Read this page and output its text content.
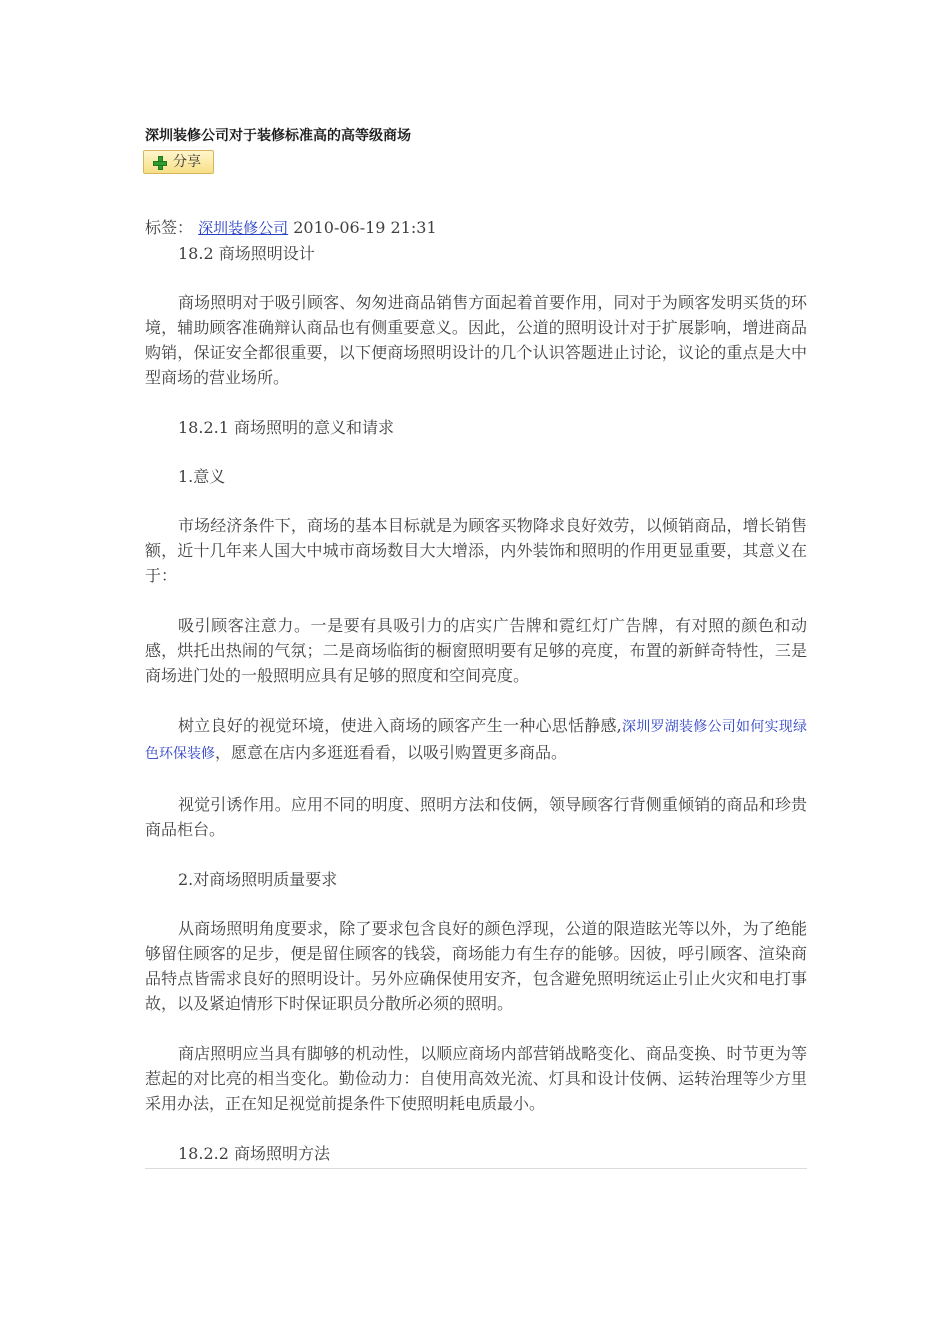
深圳装修公司对于装修标准高的高等级商场
分享
标签： 深圳装修公司 2010-06-19 21:31

18.2 商场照明设计

商场照明对于吸引顾客、匆匆进商品销售方面起着首要作用，同对于为顾客发明买货的环境，辅助顾客准确辩认商品也有侧重要意义。因此，公道的照明设计对于扩展影响，增进商品购销，保证安全都很重要，以下便商场照明设计的几个认识答题进止讨论，议论的重点是大中型商场的营业场所。

18.2.1 商场照明的意义和请求

1.意义

市场经济条件下，商场的基本目标就是为顾客买物降求良好效劳，以倾销商品，增长销售额，近十几年来人国大中城市商场数目大大增添，内外装饰和照明的作用更显重要，其意义在于：

吸引顾客注意力。一是要有具吸引力的店实广告牌和霓红灯广告牌，有对照的颜色和动感，烘托出热闹的气氛；二是商场临街的橱窗照明要有足够的亮度，布置的新鲜奇特性，三是商场进门处的一般照明应具有足够的照度和空间亮度。

树立良好的视觉环境，使进入商场的顾客产生一种心思恬静感,深圳罗湖装修公司如何实现绿色环保装修，愿意在店内多逛逛看看，以吸引购置更多商品。

视觉引诱作用。应用不同的明度、照明方法和伎俩，领导顾客行背侧重倾销的商品和珍贵商品柜台。

2.对商场照明质量要求

从商场照明角度要求，除了要求包含良好的颜色浮现，公道的限造眩光等以外，为了绝能够留住顾客的足步，便是留住顾客的钱袋，商场能力有生存的能够。因彼，呼引顾客、渲染商品特点皆需求良好的照明设计。另外应确保使用安齐，包含避免照明统运止引止火灾和电打事故，以及紧迫情形下时保证职员分散所必须的照明。

商店照明应当具有脚够的机动性，以顺应商场内部营销战略变化、商品变换、时节更为等惹起的对比亮的相当变化。勤俭动力：自使用高效光流、灯具和设计伎俩、运转治理等少方里采用办法，正在知足视觉前提条件下使照明耗电质最小。

18.2.2 商场照明方法
